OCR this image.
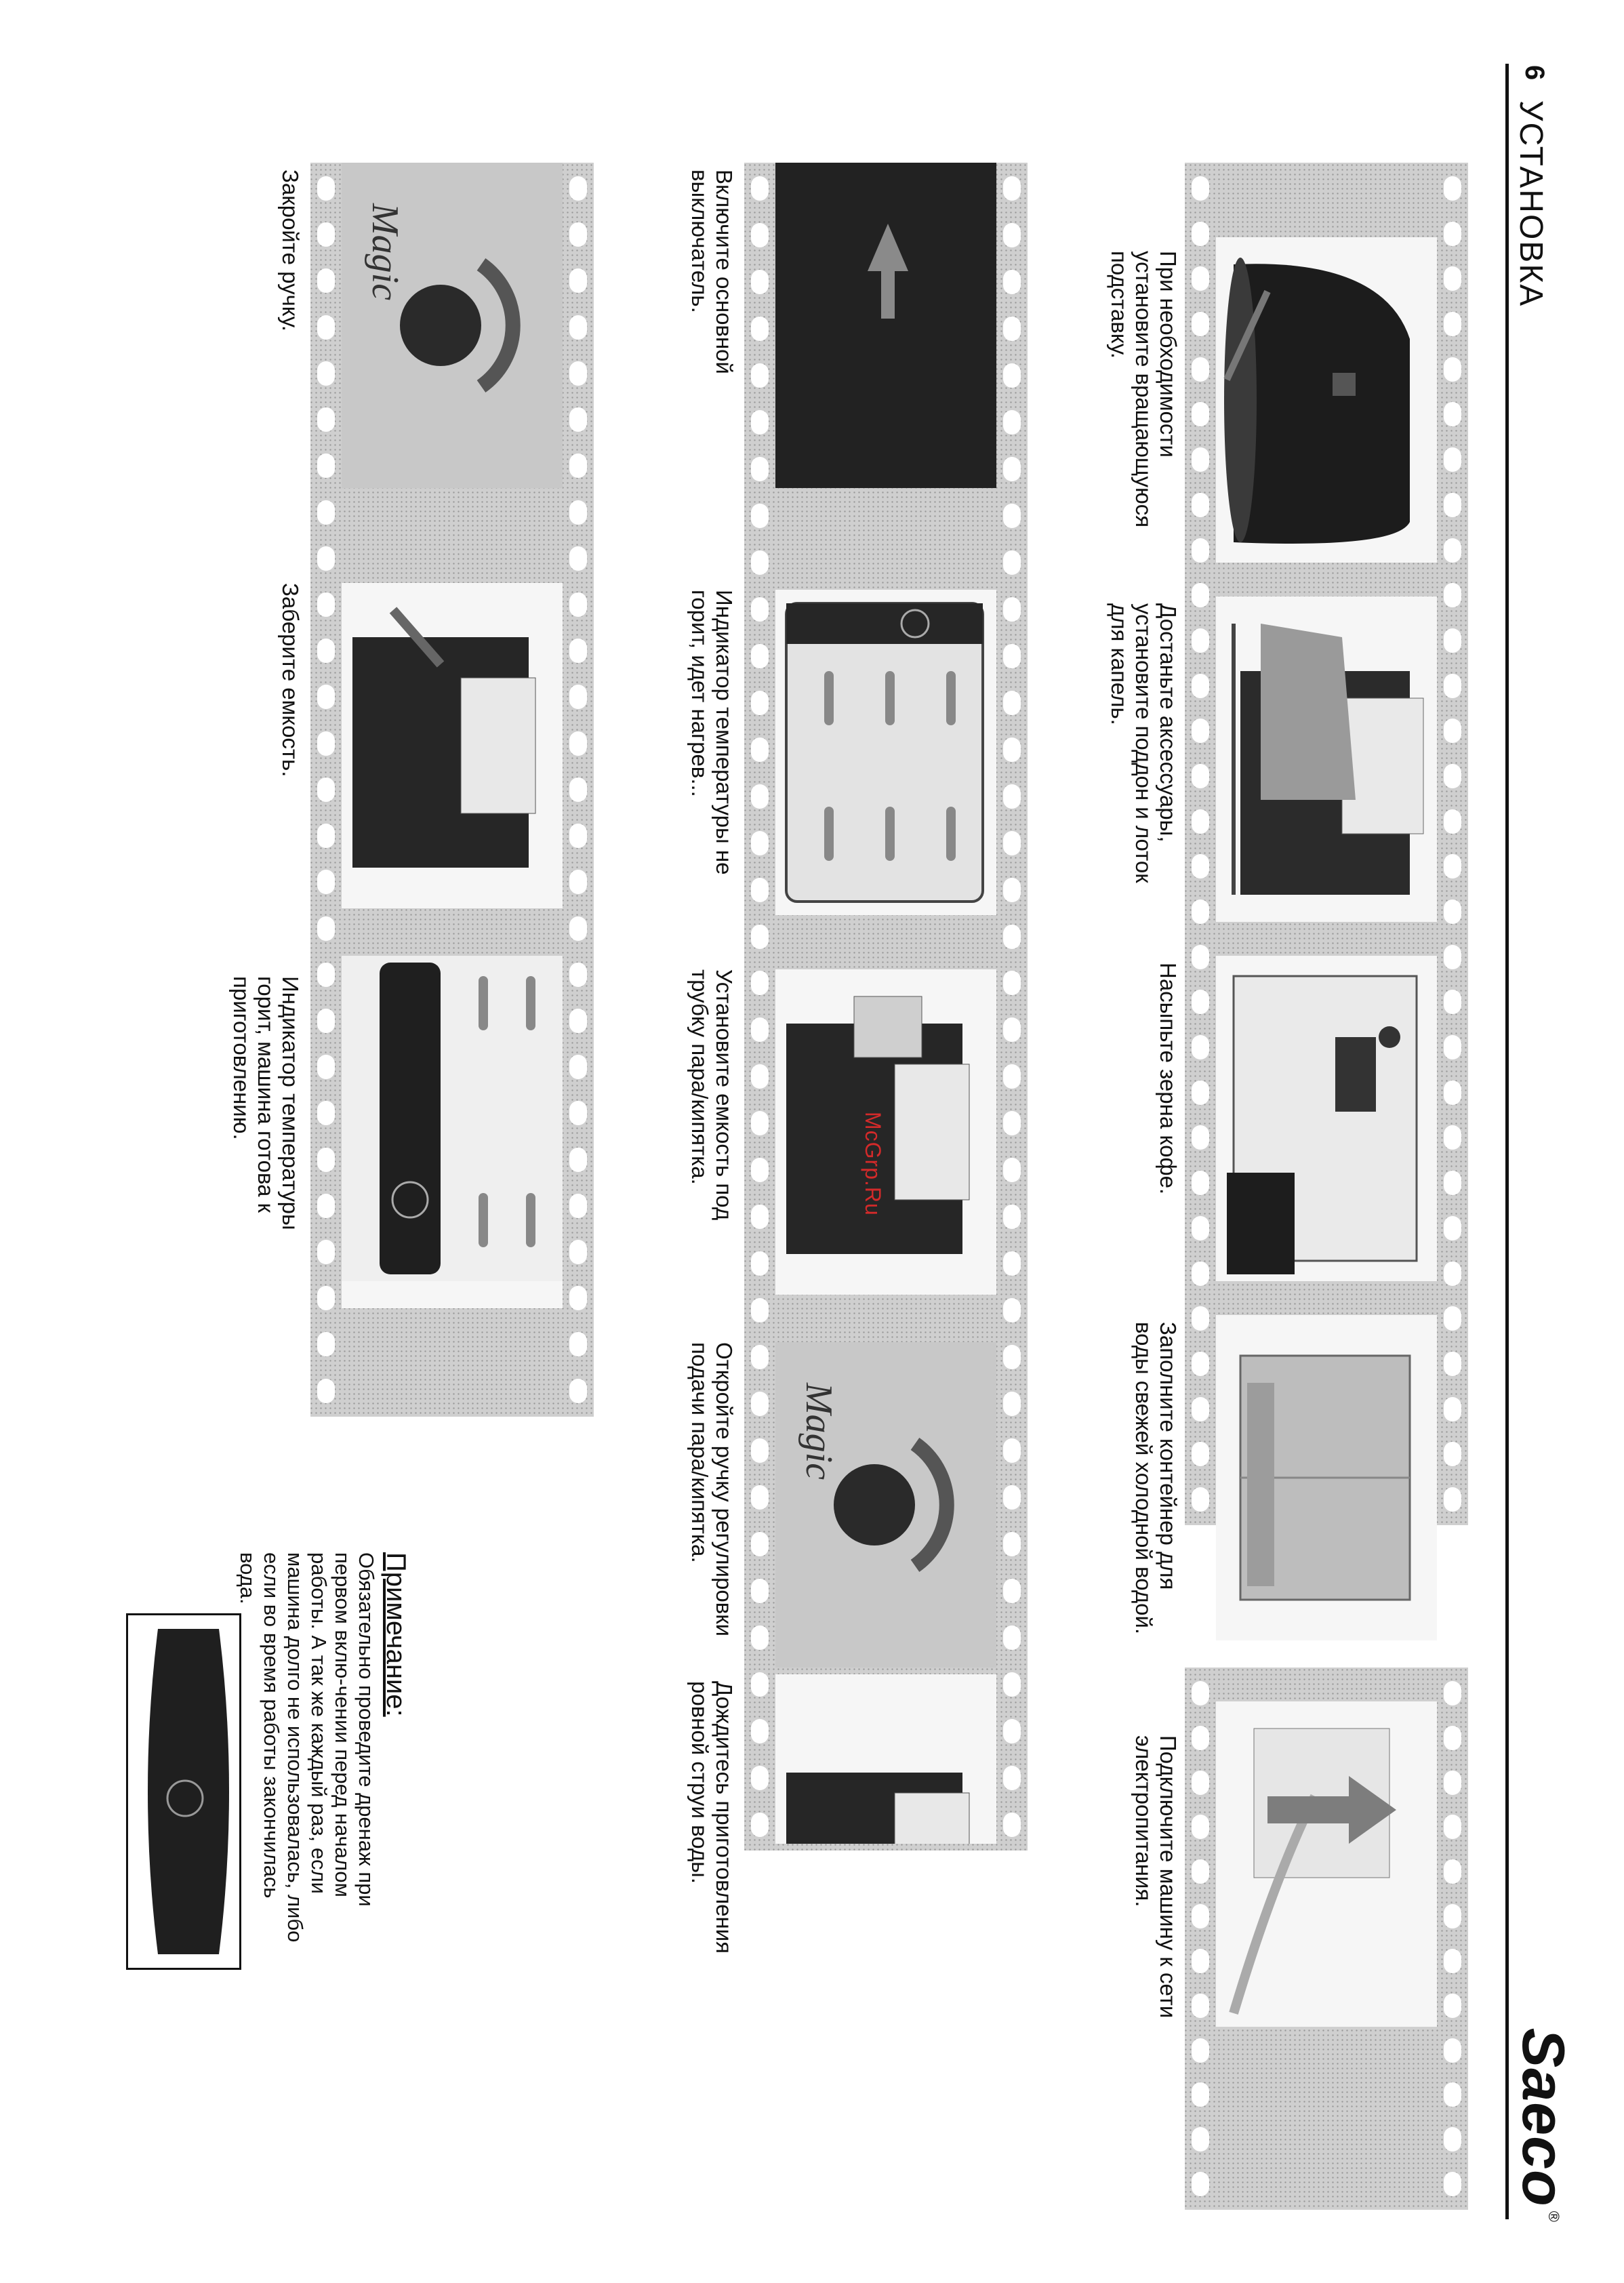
6
УСТАНОВКА
Saeco
®
При необходимости установите вращающуюся подставку.
Достаньте аксессуары, установите поддон и лоток для капель.
Насыпьте зерна кофе.
Заполните контейнер для воды свежей холодной водой.
Подключите машину к сети электропитания.
Magic
Включите основной выключатель.
Индикатор температуры не горит, идет нагрев...
Установите емкость под трубку пара/кипятка.
Откройте ручку регулировки подачи пара/кипятка.
Дождитесь приготовления ровной струи воды.
Magic
Закройте ручку.
Заберите емкость.
Индикатор температуры горит, машина готова к приготовлению.
Примечание:
Обязательно проведите дренаж при первом вклю-чении перед началом работы. А так же каждый раз, если машина долго не использовалась, либо если во время работы закончилась вода.
McGrp.Ru
